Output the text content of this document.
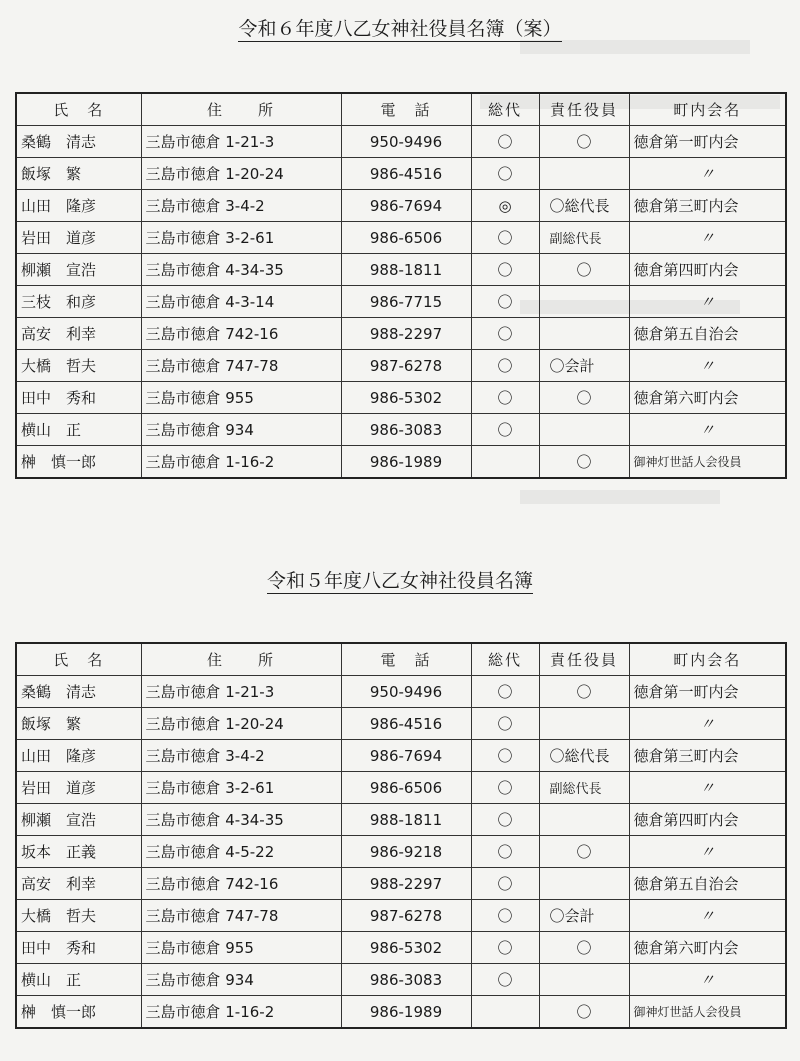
令和６年度八乙女神社役員名簿（案）
氏　名	住　　所	電　話	総代	責任役員	町内会名
桑鶴　清志	三島市徳倉 1-21-3	950-9496	〇	〇	徳倉第一町内会
飯塚　繁	三島市徳倉 1-20-24	986-4516	〇		〃
山田　隆彦	三島市徳倉 3-4-2	986-7694	◎	〇総代長	徳倉第三町内会
岩田　道彦	三島市徳倉 3-2-61	986-6506	〇	副総代長	〃
柳瀬　宣浩	三島市徳倉 4-34-35	988-1811	〇	〇	徳倉第四町内会
三枝　和彦	三島市徳倉 4-3-14	986-7715	〇		〃
高安　利幸	三島市徳倉 742-16	988-2297	〇		徳倉第五自治会
大橋　哲夫	三島市徳倉 747-78	987-6278	〇	〇会計	〃
田中　秀和	三島市徳倉 955	986-5302	〇	〇	徳倉第六町内会
横山　正	三島市徳倉 934	986-3083	〇		〃
榊　慎一郎	三島市徳倉 1-16-2	986-1989		〇	御神灯世話人会役員
令和５年度八乙女神社役員名簿
氏　名	住　　所	電　話	総代	責任役員	町内会名
桑鶴　清志	三島市徳倉 1-21-3	950-9496	〇	〇	徳倉第一町内会
飯塚　繁	三島市徳倉 1-20-24	986-4516	〇		〃
山田　隆彦	三島市徳倉 3-4-2	986-7694	〇	〇総代長	徳倉第三町内会
岩田　道彦	三島市徳倉 3-2-61	986-6506	〇	副総代長	〃
柳瀬　宣浩	三島市徳倉 4-34-35	988-1811	〇		徳倉第四町内会
坂本　正義	三島市徳倉 4-5-22	986-9218	〇	〇	〃
高安　利幸	三島市徳倉 742-16	988-2297	〇		徳倉第五自治会
大橋　哲夫	三島市徳倉 747-78	987-6278	〇	〇会計	〃
田中　秀和	三島市徳倉 955	986-5302	〇	〇	徳倉第六町内会
横山　正	三島市徳倉 934	986-3083	〇		〃
榊　慎一郎	三島市徳倉 1-16-2	986-1989		〇	御神灯世話人会役員
